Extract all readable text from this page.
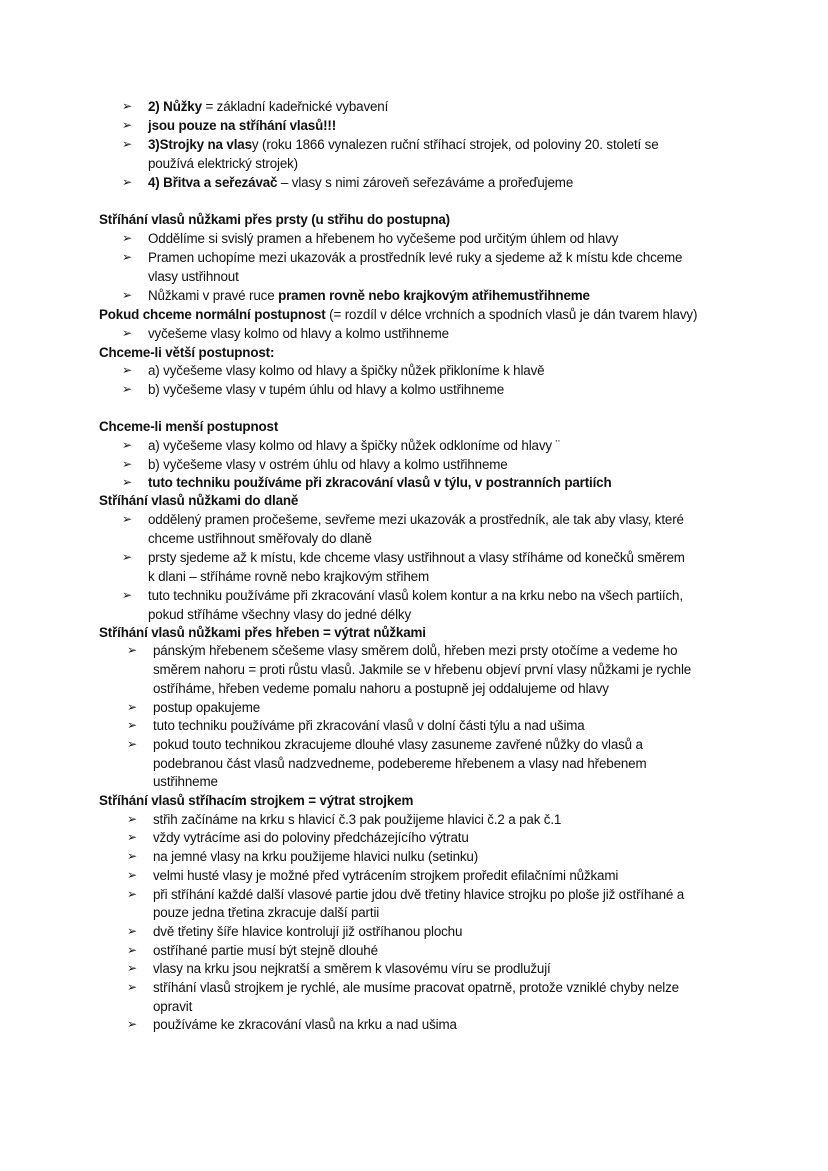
➢ 2) Nůžky = základní kadeřnické vybavení
➢ jsou pouze na stříhání vlasů!!!
➢ 3)Strojky na vlasy (roku 1866 vynalezen ruční stříhací strojek, od poloviny 20. století se
používá elektrický strojek)
➢ 4) Břitva a seřezávač – vlasy s nimi zároveň seřezáváme a prořeďujeme
Stříhání vlasů nůžkami přes prsty (u střihu do postupna)
➢ Oddělíme si svislý pramen a hřebenem ho vyčešeme pod určitým úhlem od hlavy
➢ Pramen uchopíme mezi ukazovák a prostředník levé ruky a sjedeme až k místu kde chceme
vlasy ustřihnout
➢ Nůžkami v pravé ruce pramen rovně nebo krajkovým atřihemustřihneme
Pokud chceme normální postupnost (= rozdíl v délce vrchních a spodních vlasů je dán tvarem hlavy)
➢ vyčešeme vlasy kolmo od hlavy a kolmo ustřihneme
Chceme-li větší postupnost:
➢ a) vyčešeme vlasy kolmo od hlavy a špičky nůžek přikloníme k hlavě
➢ b) vyčešeme vlasy v tupém úhlu od hlavy a kolmo ustřihneme
Chceme-li menší postupnost
➢ a) vyčešeme vlasy kolmo od hlavy a špičky nůžek odkloníme od hlavy ¨
➢ b) vyčešeme vlasy v ostrém úhlu od hlavy a kolmo ustřihneme
➢ tuto techniku používáme při zkracování vlasů v týlu, v postranních partiích
Stříhání vlasů nůžkami do dlaně
➢ oddělený pramen pročešeme, sevřeme mezi ukazovák a prostředník, ale tak aby vlasy, které
chceme ustřihnout směřovaly do dlaně
➢ prsty sjedeme až k místu, kde chceme vlasy ustřihnout a vlasy stříháme od konečků směrem
k dlani – stříháme rovně nebo krajkovým střihem
➢ tuto techniku používáme při zkracování vlasů kolem kontur a na krku nebo na všech partiích,
pokud stříháme všechny vlasy do jedné délky
Stříhání vlasů nůžkami přes hřeben = výtrat nůžkami
➢ pánským hřebenem sčešeme vlasy směrem dolů, hřeben mezi prsty otočíme a vedeme ho
směrem nahoru = proti růstu vlasů. Jakmile se v hřebenu objeví první vlasy nůžkami je rychle
ostříháme, hřeben vedeme pomalu nahoru a postupně jej oddalujeme od hlavy
➢ postup opakujeme
➢ tuto techniku používáme při zkracování vlasů v dolní části týlu a nad ušima
➢ pokud touto technikou zkracujeme dlouhé vlasy zasuneme zavřené nůžky do vlasů a
podebranou část vlasů nadzvedneme, podebereme hřebenem a vlasy nad hřebenem
ustřihneme
Stříhání vlasů stříhacím strojkem = výtrat strojkem
➢ střih začínáme na krku s hlavicí č.3 pak použijeme hlavici č.2 a pak č.1
➢ vždy vytrácíme asi do poloviny předcházejícího výtratu
➢ na jemné vlasy na krku použijeme hlavici nulku (setinku)
➢ velmi husté vlasy je možné před vytrácením strojkem proředit efilačními nůžkami
➢ při stříhání každé další vlasové partie jdou dvě třetiny hlavice strojku po ploše již ostříhané a
pouze jedna třetina zkracuje další partii
➢ dvě třetiny šíře hlavice kontrolují již ostříhanou plochu
➢ ostříhané partie musí být stejně dlouhé
➢ vlasy na krku jsou nejkratší a směrem k vlasovému víru se prodlužují
➢ stříhání vlasů strojkem je rychlé, ale musíme pracovat opatrně, protože vzniklé chyby nelze
opravit
➢ používáme ke zkracování vlasů na krku a nad ušima
